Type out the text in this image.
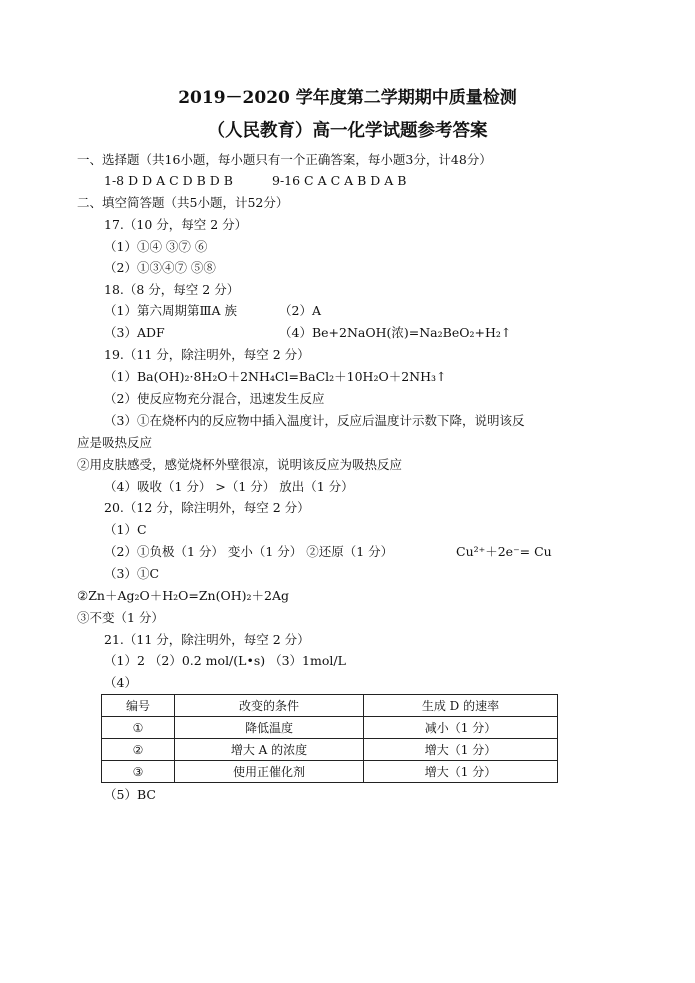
2019－2020 学年度第二学期期中质量检测
（人民教育）高一化学试题参考答案
一、选择题（共16小题，每小题只有一个正确答案，每小题3分，计48分）
1-8 D D A C D B D B	9-16 C A C A B D A B
二、填空简答题（共5小题，计52分）
17.（10 分，每空 2 分）
（1）①④ ③⑦ ⑥
（2）①③④⑦ ⑤⑧
18.（8 分，每空 2 分）
（1）第六周期第ⅢA 族	（2）A
（3）ADF	（4）Be+2NaOH(浓)=Na₂BeO₂+H₂↑
19.（11 分，除注明外，每空 2 分）
（1）Ba(OH)₂·8H₂O＋2NH₄Cl=BaCl₂＋10H₂O＋2NH₃↑
（2）使反应物充分混合，迅速发生反应
（3）①在烧杯内的反应物中插入温度计，反应后温度计示数下降，说明该反
应是吸热反应
②用皮肤感受，感觉烧杯外壁很凉，说明该反应为吸热反应
（4）吸收（1 分） >（1 分） 放出（1 分）
20.（12 分，除注明外，每空 2 分）
（1）C
（2）①负极（1 分） 变小（1 分） ②还原（1 分）	Cu²⁺＋2e⁻= Cu
（3）①C
②Zn＋Ag₂O＋H₂O=Zn(OH)₂＋2Ag
③不变（1 分）
21.（11 分，除注明外，每空 2 分）
（1）2 （2）0.2 mol/(L•s) （3）1mol/L
（4）
编号	改变的条件	生成 D 的速率
①	降低温度	减小（1 分）
②	增大 A 的浓度	增大（1 分）
③	使用正催化剂	增大（1 分）
（5）BC
